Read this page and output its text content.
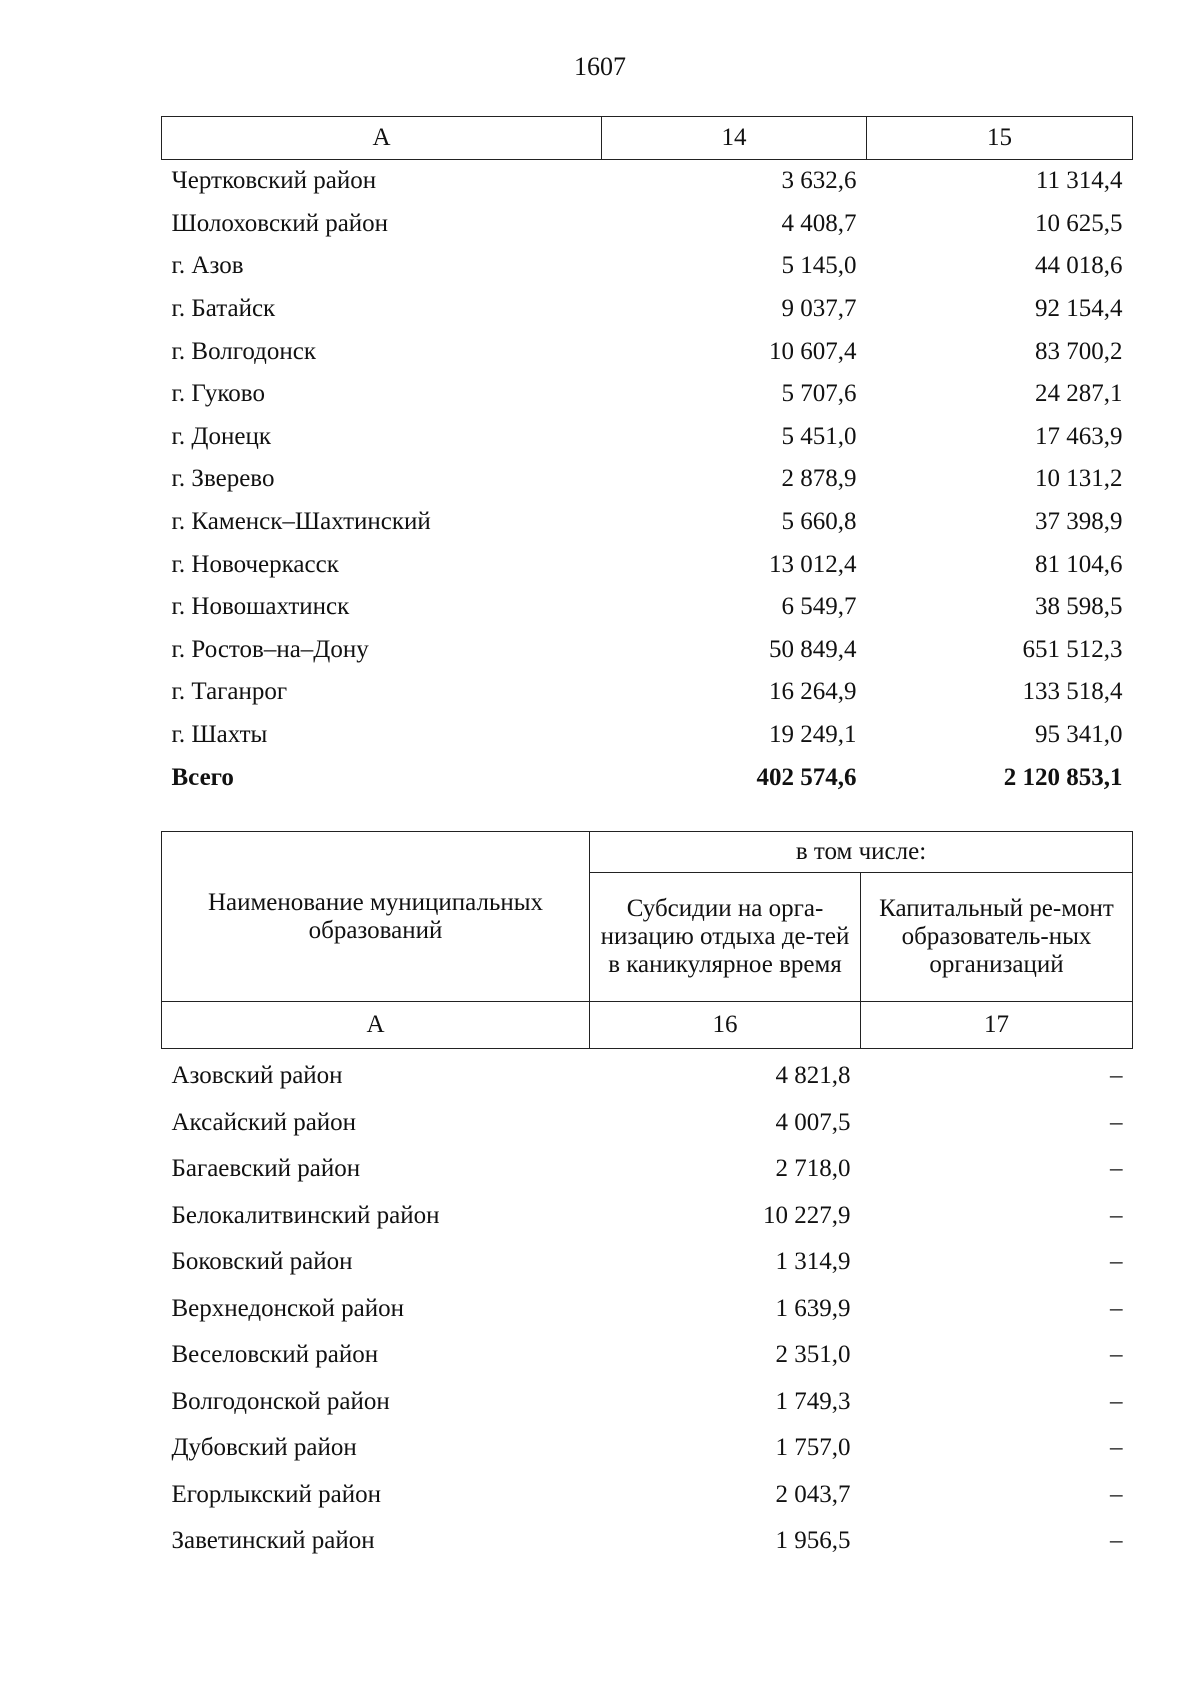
1607
А	14	15
Чертковский район	3 632,6	11 314,4
Шолоховский район	4 408,7	10 625,5
г. Азов	5 145,0	44 018,6
г. Батайск	9 037,7	92 154,4
г. Волгодонск	10 607,4	83 700,2
г. Гуково	5 707,6	24 287,1
г. Донецк	5 451,0	17 463,9
г. Зверево	2 878,9	10 131,2
г. Каменск–Шахтинский	5 660,8	37 398,9
г. Новочеркасск	13 012,4	81 104,6
г. Новошахтинск	6 549,7	38 598,5
г. Ростов–на–Дону	50 849,4	651 512,3
г. Таганрог	16 264,9	133 518,4
г. Шахты	19 249,1	95 341,0
Всего	402 574,6	2 120 853,1
Наименование муниципальных образований	в том числе:	
	Субсидии на орга-низацию отдыха де-тей в каникулярное время	Капитальный ре-монт образователь-ных организаций
А	16	17
Азовский район	4 821,8	–
Аксайский район	4 007,5	–
Багаевский район	2 718,0	–
Белокалитвинский район	10 227,9	–
Боковский район	1 314,9	–
Верхнедонской район	1 639,9	–
Веселовский район	2 351,0	–
Волгодонской район	1 749,3	–
Дубовский район	1 757,0	–
Егорлыкский район	2 043,7	–
Заветинский район	1 956,5	–
